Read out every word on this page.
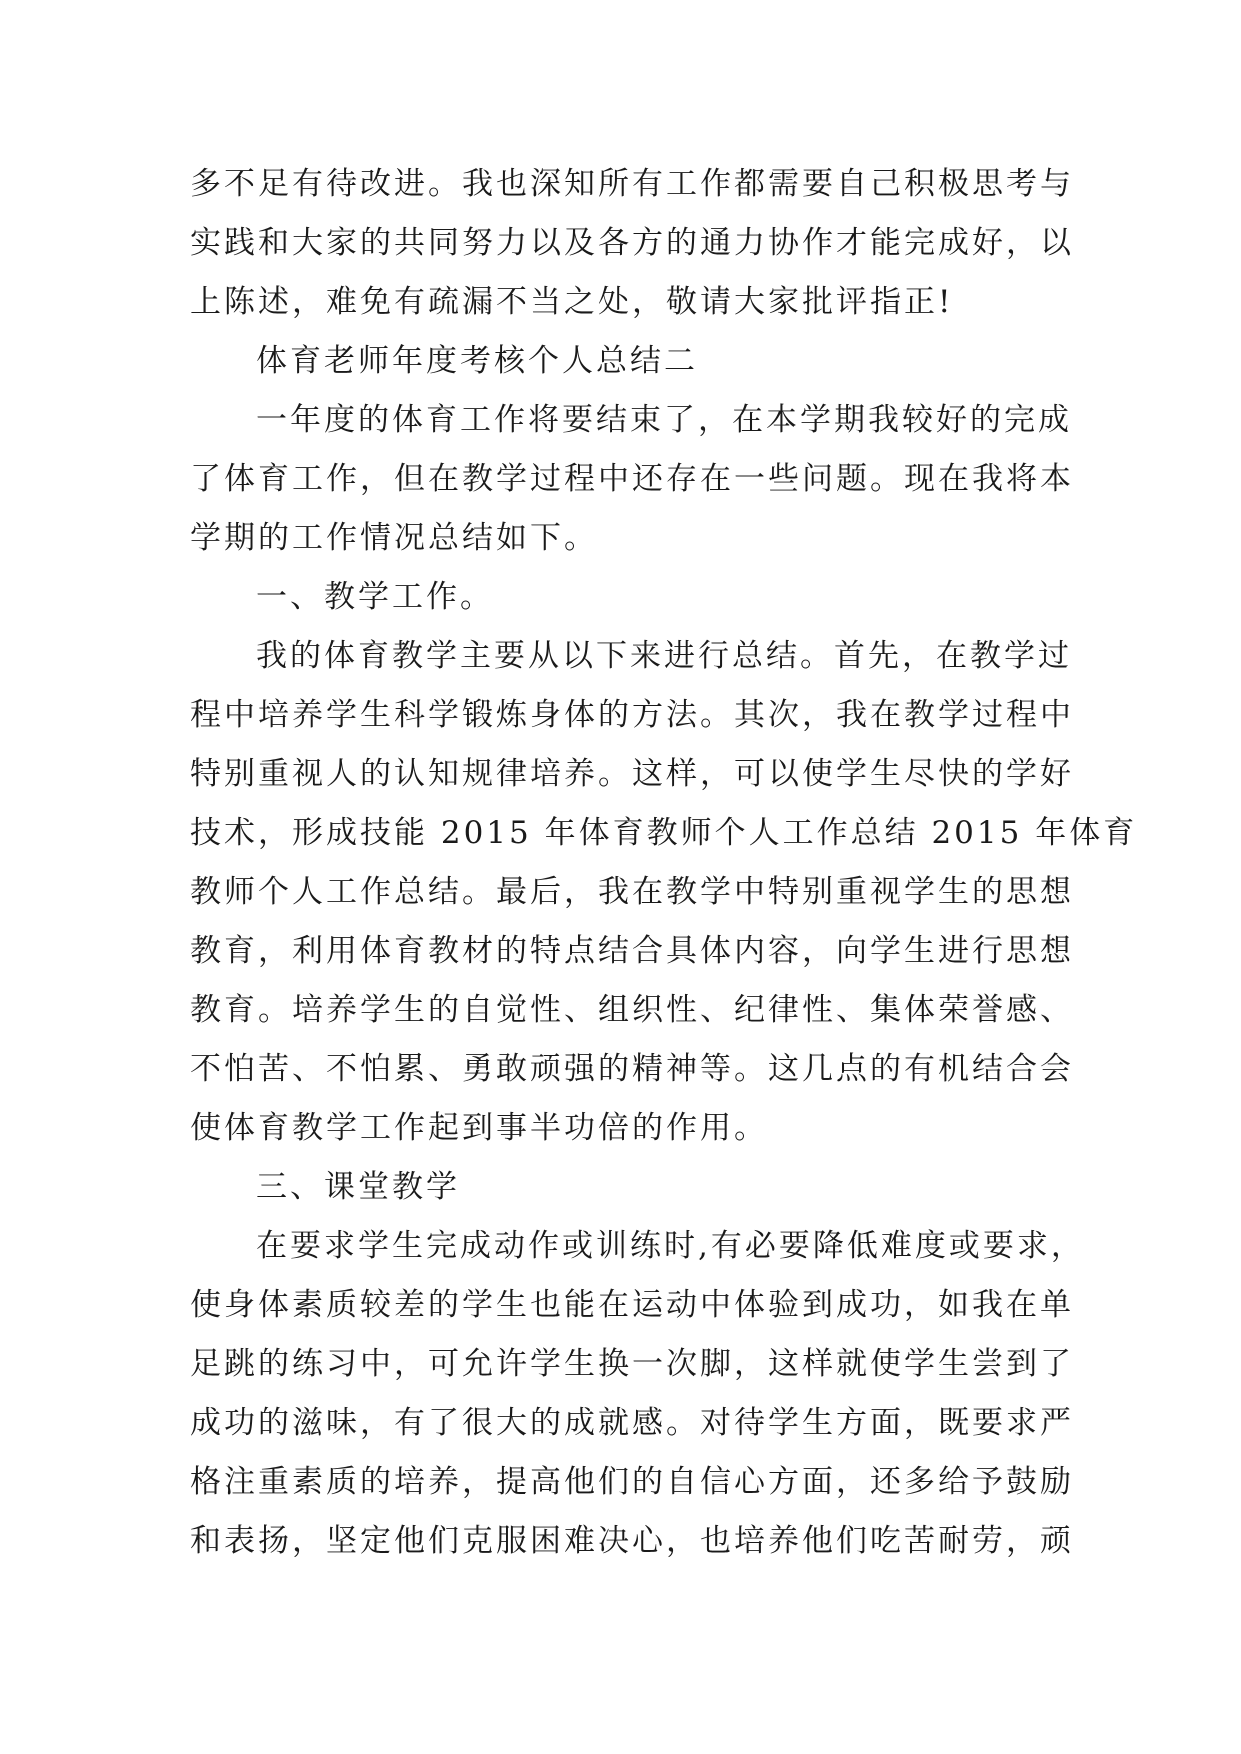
多不足有待改进。我也深知所有工作都需要自己积极思考与
实践和大家的共同努力以及各方的通力协作才能完成好，以
上陈述，难免有疏漏不当之处，敬请大家批评指正!
体育老师年度考核个人总结二
一年度的体育工作将要结束了，在本学期我较好的完成
了体育工作，但在教学过程中还存在一些问题。现在我将本
学期的工作情况总结如下。
一、教学工作。
我的体育教学主要从以下来进行总结。首先，在教学过
程中培养学生科学锻炼身体的方法。其次，我在教学过程中
特别重视人的认知规律培养。这样，可以使学生尽快的学好
技术，形成技能 2015 年体育教师个人工作总结 2015 年体育
教师个人工作总结。最后，我在教学中特别重视学生的思想
教育，利用体育教材的特点结合具体内容，向学生进行思想
教育。培养学生的自觉性、组织性、纪律性、集体荣誉感、
不怕苦、不怕累、勇敢顽强的精神等。这几点的有机结合会
使体育教学工作起到事半功倍的作用。
三、课堂教学
在要求学生完成动作或训练时,有必要降低难度或要求，
使身体素质较差的学生也能在运动中体验到成功，如我在单
足跳的练习中，可允许学生换一次脚，这样就使学生尝到了
成功的滋味，有了很大的成就感。对待学生方面，既要求严
格注重素质的培养，提高他们的自信心方面，还多给予鼓励
和表扬，坚定他们克服困难决心，也培养他们吃苦耐劳，顽
